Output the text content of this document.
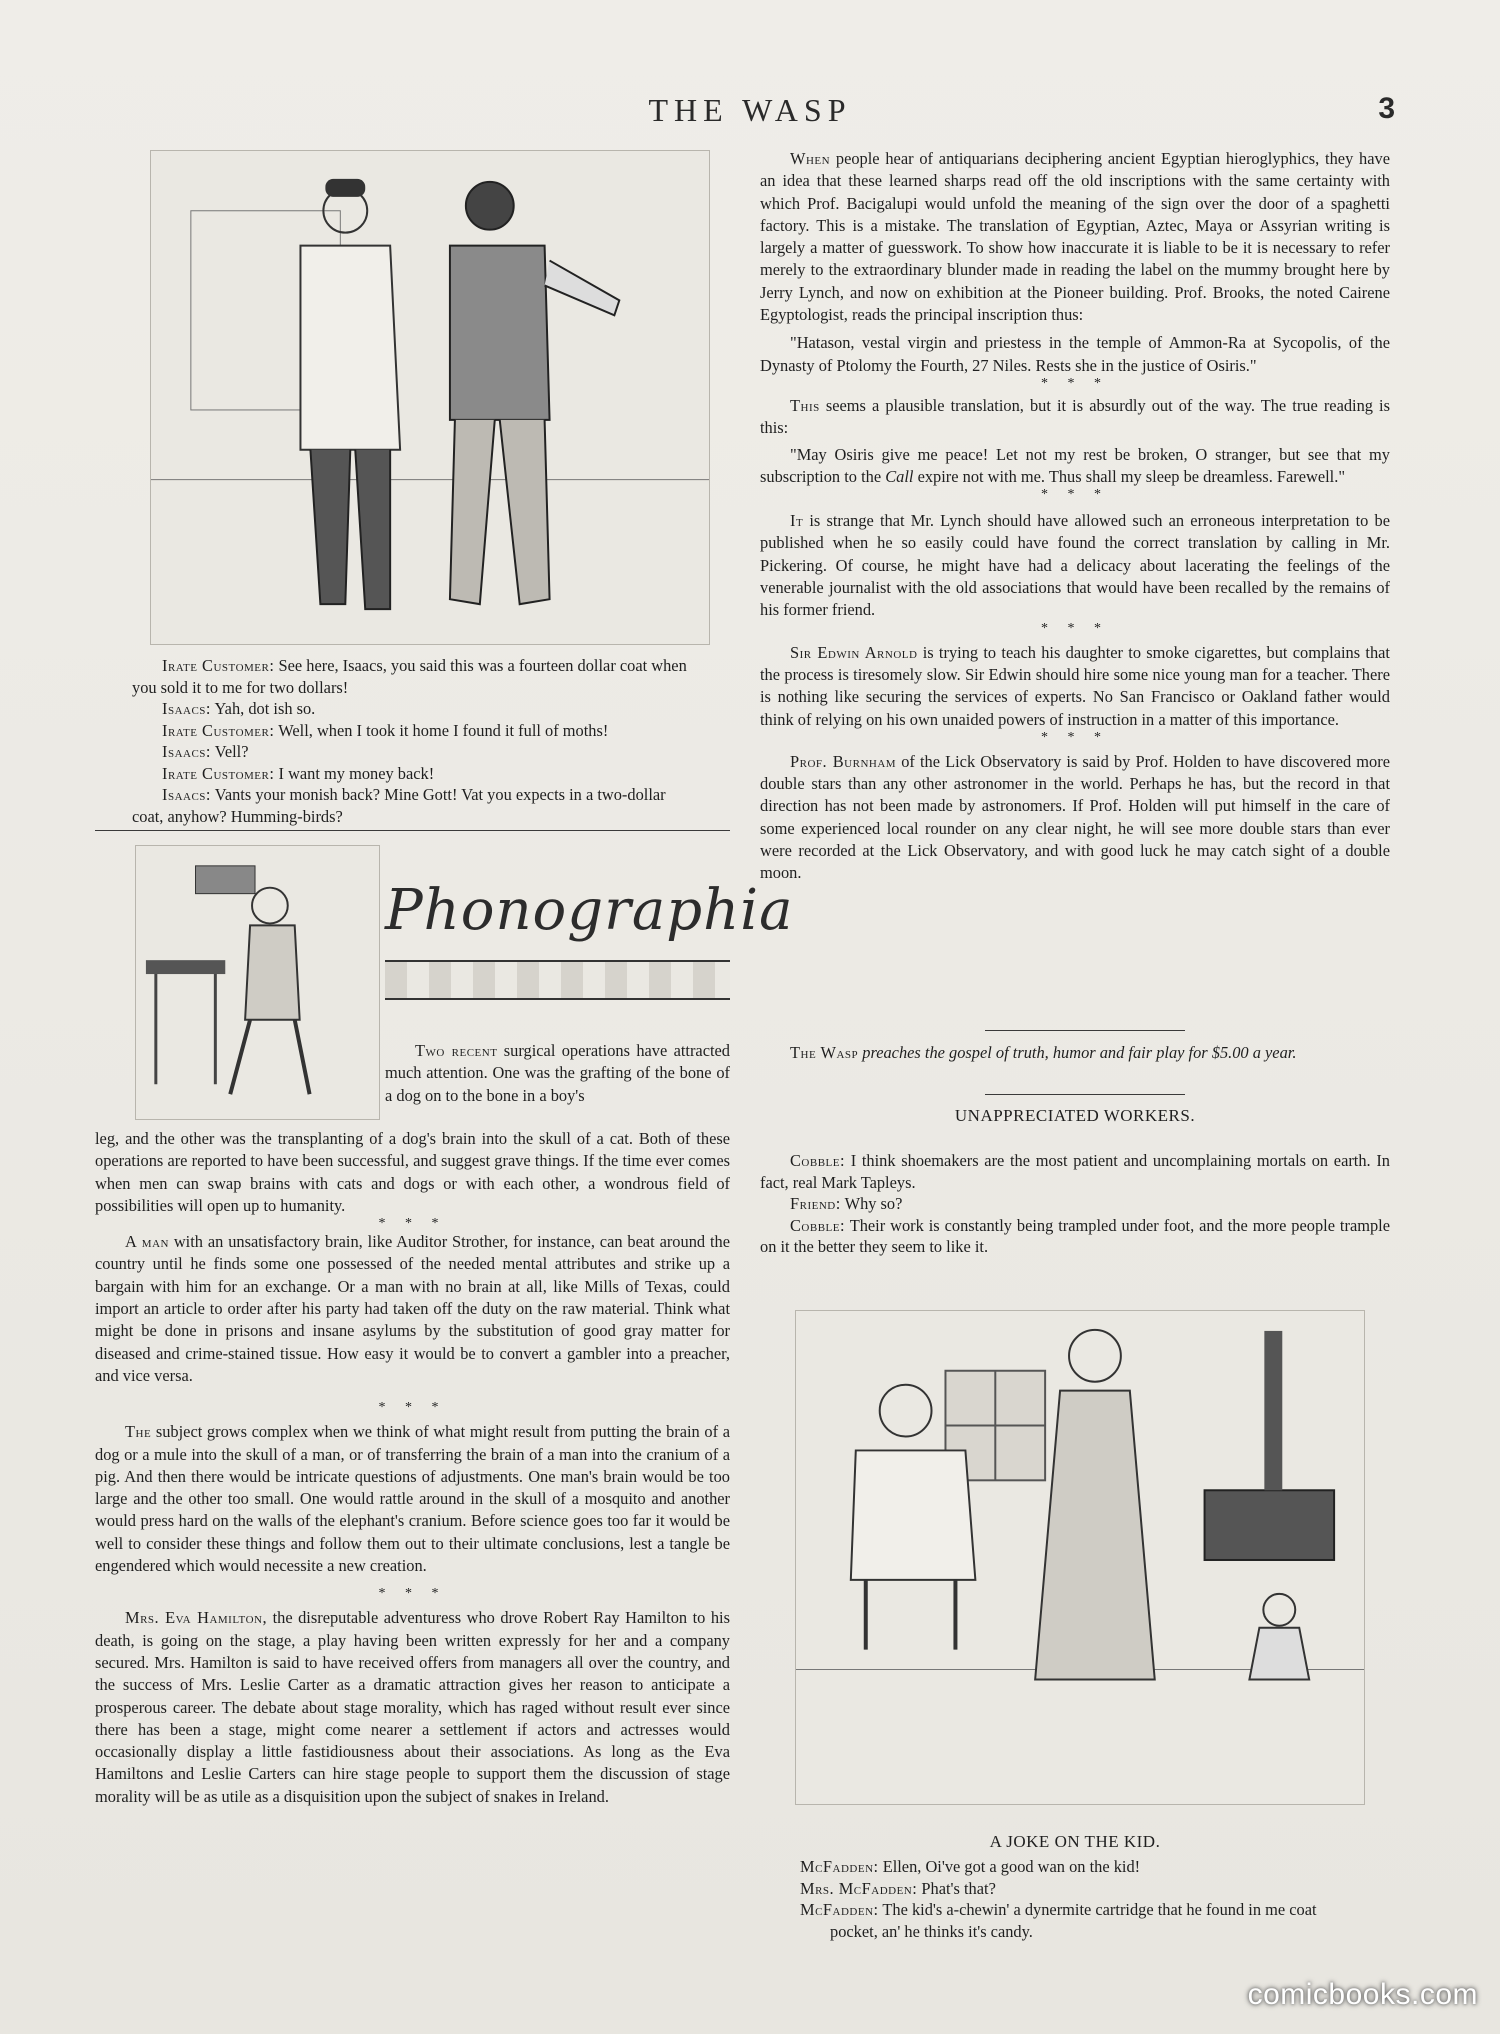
THE WASP	3
Irate Customer: See here, Isaacs, you said this was a fourteen dollar coat when you sold it to me for two dollars!
Isaacs: Yah, dot ish so.
Irate Customer: Well, when I took it home I found it full of moths!
Isaacs: Vell?
Irate Customer: I want my money back!
Isaacs: Vants your monish back? Mine Gott! Vat you expects in a two-dollar coat, anyhow? Humming-birds?
Phonographia

Two recent surgical operations have attracted much attention. One was the grafting of the bone of a dog on to the bone in a boy's

leg, and the other was the transplanting of a dog's brain into the skull of a cat. Both of these operations are reported to have been successful, and suggest grave things. If the time ever comes when men can swap brains with cats and dogs or with each other, a wondrous field of possibilities will open up to humanity.

* * *

A man with an unsatisfactory brain, like Auditor Strother, for instance, can beat around the country until he finds some one possessed of the needed mental attributes and strike up a bargain with him for an exchange. Or a man with no brain at all, like Mills of Texas, could import an article to order after his party had taken off the duty on the raw material. Think what might be done in prisons and insane asylums by the substitution of good gray matter for diseased and crime-stained tissue. How easy it would be to convert a gambler into a preacher, and vice versa.

* * *

The subject grows complex when we think of what might result from putting the brain of a dog or a mule into the skull of a man, or of transferring the brain of a man into the cranium of a pig. And then there would be intricate questions of adjustments. One man's brain would be too large and the other too small. One would rattle around in the skull of a mosquito and another would press hard on the walls of the elephant's cranium. Before science goes too far it would be well to consider these things and follow them out to their ultimate conclusions, lest a tangle be engendered which would necessite a new creation.

* * *

Mrs. Eva Hamilton, the disreputable adventuress who drove Robert Ray Hamilton to his death, is going on the stage, a play having been written expressly for her and a company secured. Mrs. Hamilton is said to have received offers from managers all over the country, and the success of Mrs. Leslie Carter as a dramatic attraction gives her reason to anticipate a prosperous career. The debate about stage morality, which has raged without result ever since there has been a stage, might come nearer a settlement if actors and actresses would occasionally display a little fastidiousness about their associations. As long as the Eva Hamiltons and Leslie Carters can hire stage people to support them the discussion of stage morality will be as utile as a disquisition upon the subject of snakes in Ireland.

When people hear of antiquarians deciphering ancient Egyptian hieroglyphics, they have an idea that these learned sharps read off the old inscriptions with the same certainty with which Prof. Bacigalupi would unfold the meaning of the sign over the door of a spaghetti factory. This is a mistake. The translation of Egyptian, Aztec, Maya or Assyrian writing is largely a matter of guesswork. To show how inaccurate it is liable to be it is necessary to refer merely to the extraordinary blunder made in reading the label on the mummy brought here by Jerry Lynch, and now on exhibition at the Pioneer building. Prof. Brooks, the noted Cairene Egyptologist, reads the principal inscription thus:

"Hatason, vestal virgin and priestess in the temple of Ammon-Ra at Sycopolis, of the Dynasty of Ptolomy the Fourth, 27 Niles. Rests she in the justice of Osiris."

* * *

This seems a plausible translation, but it is absurdly out of the way. The true reading is this:

"May Osiris give me peace! Let not my rest be broken, O stranger, but see that my subscription to the Call expire not with me. Thus shall my sleep be dreamless. Farewell."

* * *

It is strange that Mr. Lynch should have allowed such an erroneous interpretation to be published when he so easily could have found the correct translation by calling in Mr. Pickering. Of course, he might have had a delicacy about lacerating the feelings of the venerable journalist with the old associations that would have been recalled by the remains of his former friend.

* * *

Sir Edwin Arnold is trying to teach his daughter to smoke cigarettes, but complains that the process is tiresomely slow. Sir Edwin should hire some nice young man for a teacher. There is nothing like securing the services of experts. No San Francisco or Oakland father would think of relying on his own unaided powers of instruction in a matter of this importance.

* * *

Prof. Burnham of the Lick Observatory is said by Prof. Holden to have discovered more double stars than any other astronomer in the world. Perhaps he has, but the record in that direction has not been made by astronomers. If Prof. Holden will put himself in the care of some experienced local rounder on any clear night, he will see more double stars than ever were recorded at the Lick Observatory, and with good luck he may catch sight of a double moon.

The Wasp preaches the gospel of truth, humor and fair play for $5.00 a year.

UNAPPRECIATED WORKERS.
Cobble: I think shoemakers are the most patient and uncomplaining mortals on earth. In fact, real Mark Tapleys.
Friend: Why so?
Cobble: Their work is constantly being trampled under foot, and the more people trample on it the better they seem to like it.
A JOKE ON THE KID.
McFadden: Ellen, Oi've got a good wan on the kid!
Mrs. McFadden: Phat's that?
McFadden: The kid's a-chewin' a dynermite cartridge that he found in me coat pocket, an' he thinks it's candy.
comicbooks.com
